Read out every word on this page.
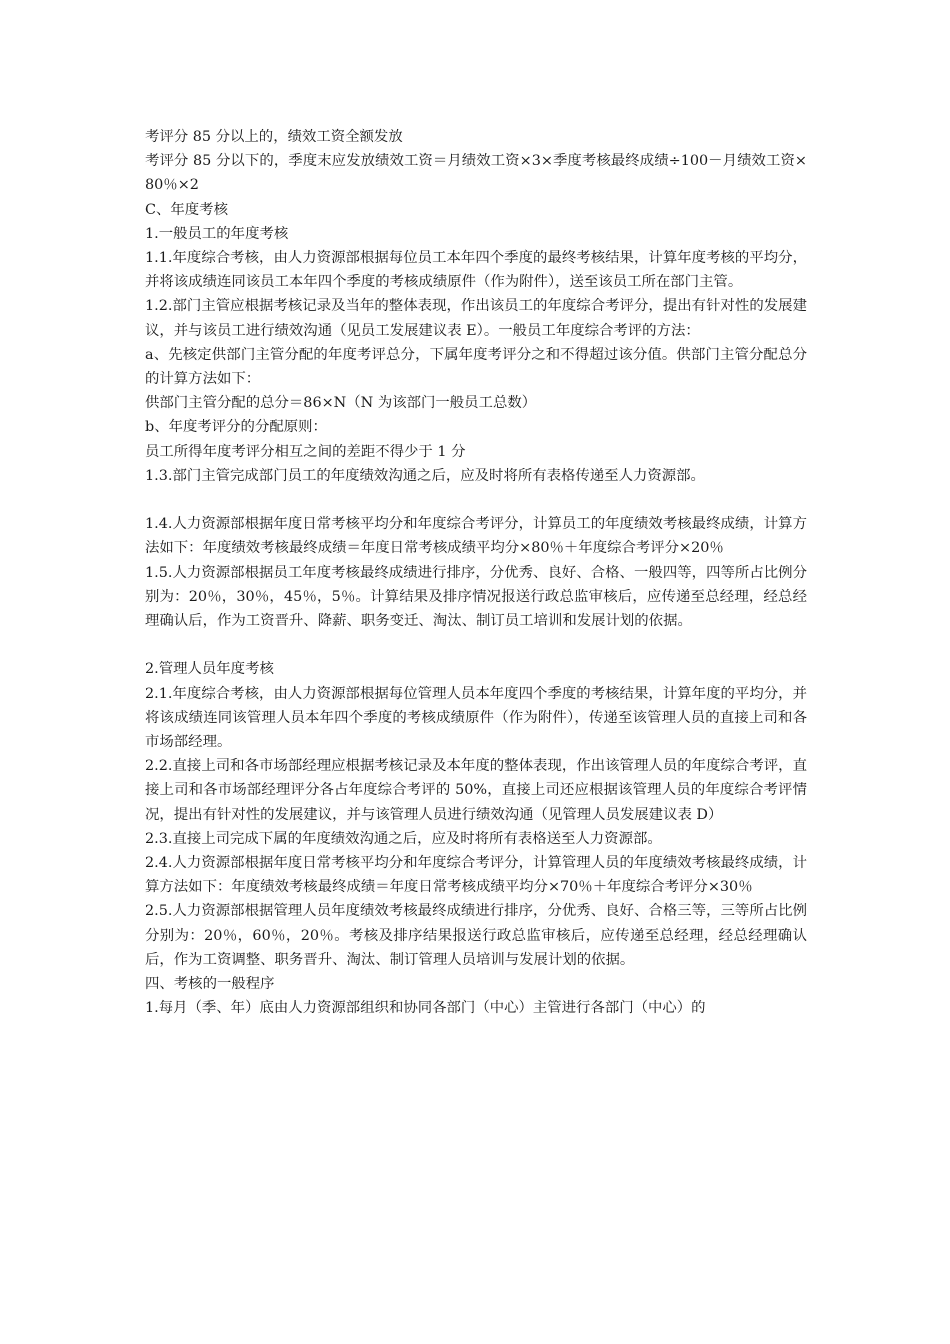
考评分 85 分以上的，绩效工资全额发放

考评分 85 分以下的，季度末应发放绩效工资＝月绩效工资×3×季度考核最终成绩÷100－月绩效工资×80％×2

C、年度考核

1.一般员工的年度考核

1.1.年度综合考核，由人力资源部根据每位员工本年四个季度的最终考核结果，计算年度考核的平均分，并将该成绩连同该员工本年四个季度的考核成绩原件（作为附件），送至该员工所在部门主管。

1.2.部门主管应根据考核记录及当年的整体表现，作出该员工的年度综合考评分，提出有针对性的发展建议，并与该员工进行绩效沟通（见员工发展建议表 E）。一般员工年度综合考评的方法：

a、先核定供部门主管分配的年度考评总分，下属年度考评分之和不得超过该分值。供部门主管分配总分的计算方法如下：

供部门主管分配的总分＝86×N（N 为该部门一般员工总数）

b、年度考评分的分配原则：

员工所得年度考评分相互之间的差距不得少于 1 分

1.3.部门主管完成部门员工的年度绩效沟通之后，应及时将所有表格传递至人力资源部。

1.4.人力资源部根据年度日常考核平均分和年度综合考评分，计算员工的年度绩效考核最终成绩，计算方法如下：年度绩效考核最终成绩＝年度日常考核成绩平均分×80％＋年度综合考评分×20％

1.5.人力资源部根据员工年度考核最终成绩进行排序，分优秀、良好、合格、一般四等，四等所占比例分别为：20％，30％，45％，5％。计算结果及排序情况报送行政总监审核后，应传递至总经理，经总经理确认后，作为工资晋升、降薪、职务变迁、淘汰、制订员工培训和发展计划的依据。

2.管理人员年度考核

2.1.年度综合考核，由人力资源部根据每位管理人员本年度四个季度的考核结果，计算年度的平均分，并将该成绩连同该管理人员本年四个季度的考核成绩原件（作为附件），传递至该管理人员的直接上司和各市场部经理。

2.2.直接上司和各市场部经理应根据考核记录及本年度的整体表现，作出该管理人员的年度综合考评，直接上司和各市场部经理评分各占年度综合考评的 50%，直接上司还应根据该管理人员的年度综合考评情况，提出有针对性的发展建议，并与该管理人员进行绩效沟通（见管理人员发展建议表 D）

2.3.直接上司完成下属的年度绩效沟通之后，应及时将所有表格送至人力资源部。

2.4.人力资源部根据年度日常考核平均分和年度综合考评分，计算管理人员的年度绩效考核最终成绩，计算方法如下：年度绩效考核最终成绩＝年度日常考核成绩平均分×70％＋年度综合考评分×30％

2.5.人力资源部根据管理人员年度绩效考核最终成绩进行排序，分优秀、良好、合格三等，三等所占比例分别为：20％，60％，20％。考核及排序结果报送行政总监审核后，应传递至总经理，经总经理确认后，作为工资调整、职务晋升、淘汰、制订管理人员培训与发展计划的依据。

四、考核的一般程序

1.每月（季、年）底由人力资源部组织和协同各部门（中心）主管进行各部门（中心）的
